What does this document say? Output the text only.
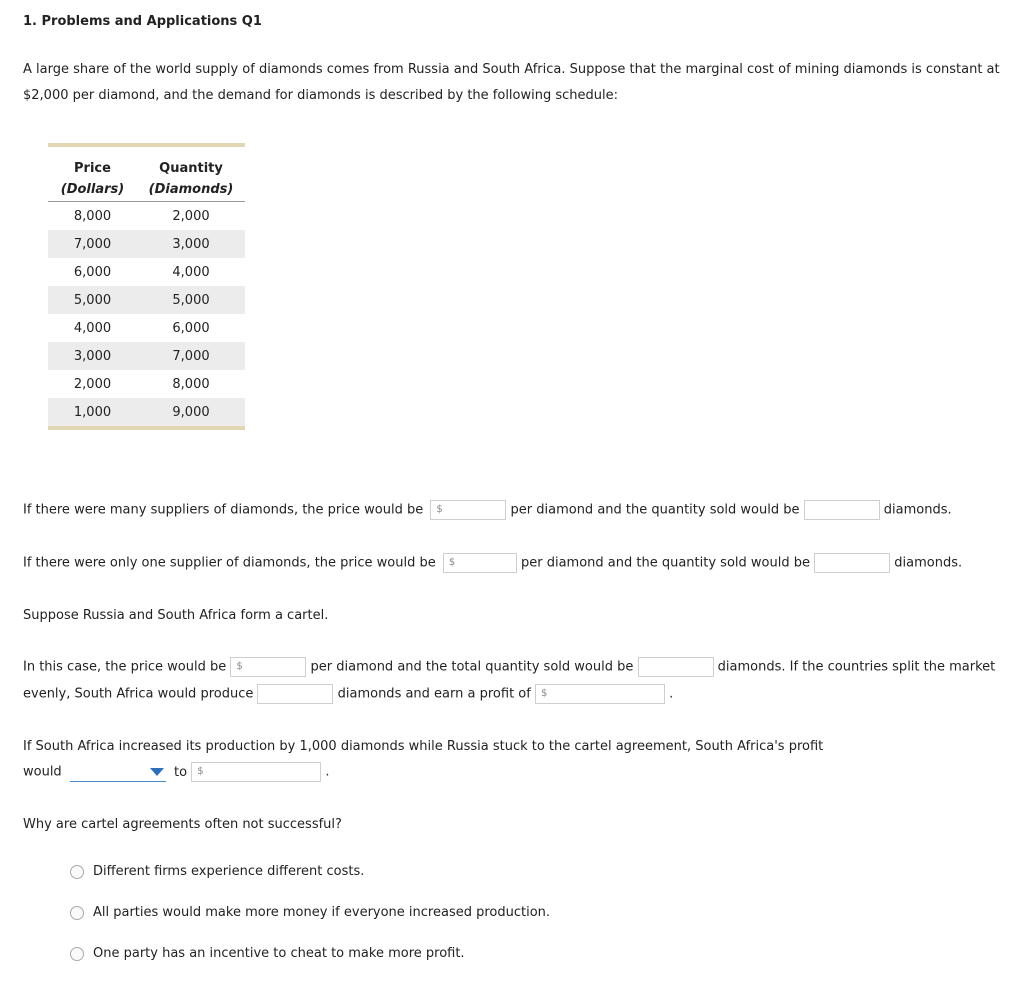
1. Problems and Applications Q1
A large share of the world supply of diamonds comes from Russia and South Africa. Suppose that the marginal cost of mining diamonds is constant at $2,000 per diamond, and the demand for diamonds is described by the following schedule:
Price	Quantity
(Dollars)	(Diamonds)
8,000	2,000
7,000	3,000
6,000	4,000
5,000	5,000
4,000	6,000
3,000	7,000
2,000	8,000
1,000	9,000
If there were many suppliers of diamonds, the price would be $	per diamond and the quantity sold would be	diamonds.
If there were only one supplier of diamonds, the price would be $	per diamond and the quantity sold would be	diamonds.
Suppose Russia and South Africa form a cartel.
In this case, the price would be $	per diamond and the total quantity sold would be	diamonds. If the countries split the market
evenly, South Africa would produce	diamonds and earn a profit of $	.
If South Africa increased its production by 1,000 diamonds while Russia stuck to the cartel agreement, South Africa's profit
would	to $	.
Why are cartel agreements often not successful?
Different firms experience different costs.
All parties would make more money if everyone increased production.
One party has an incentive to cheat to make more profit.
